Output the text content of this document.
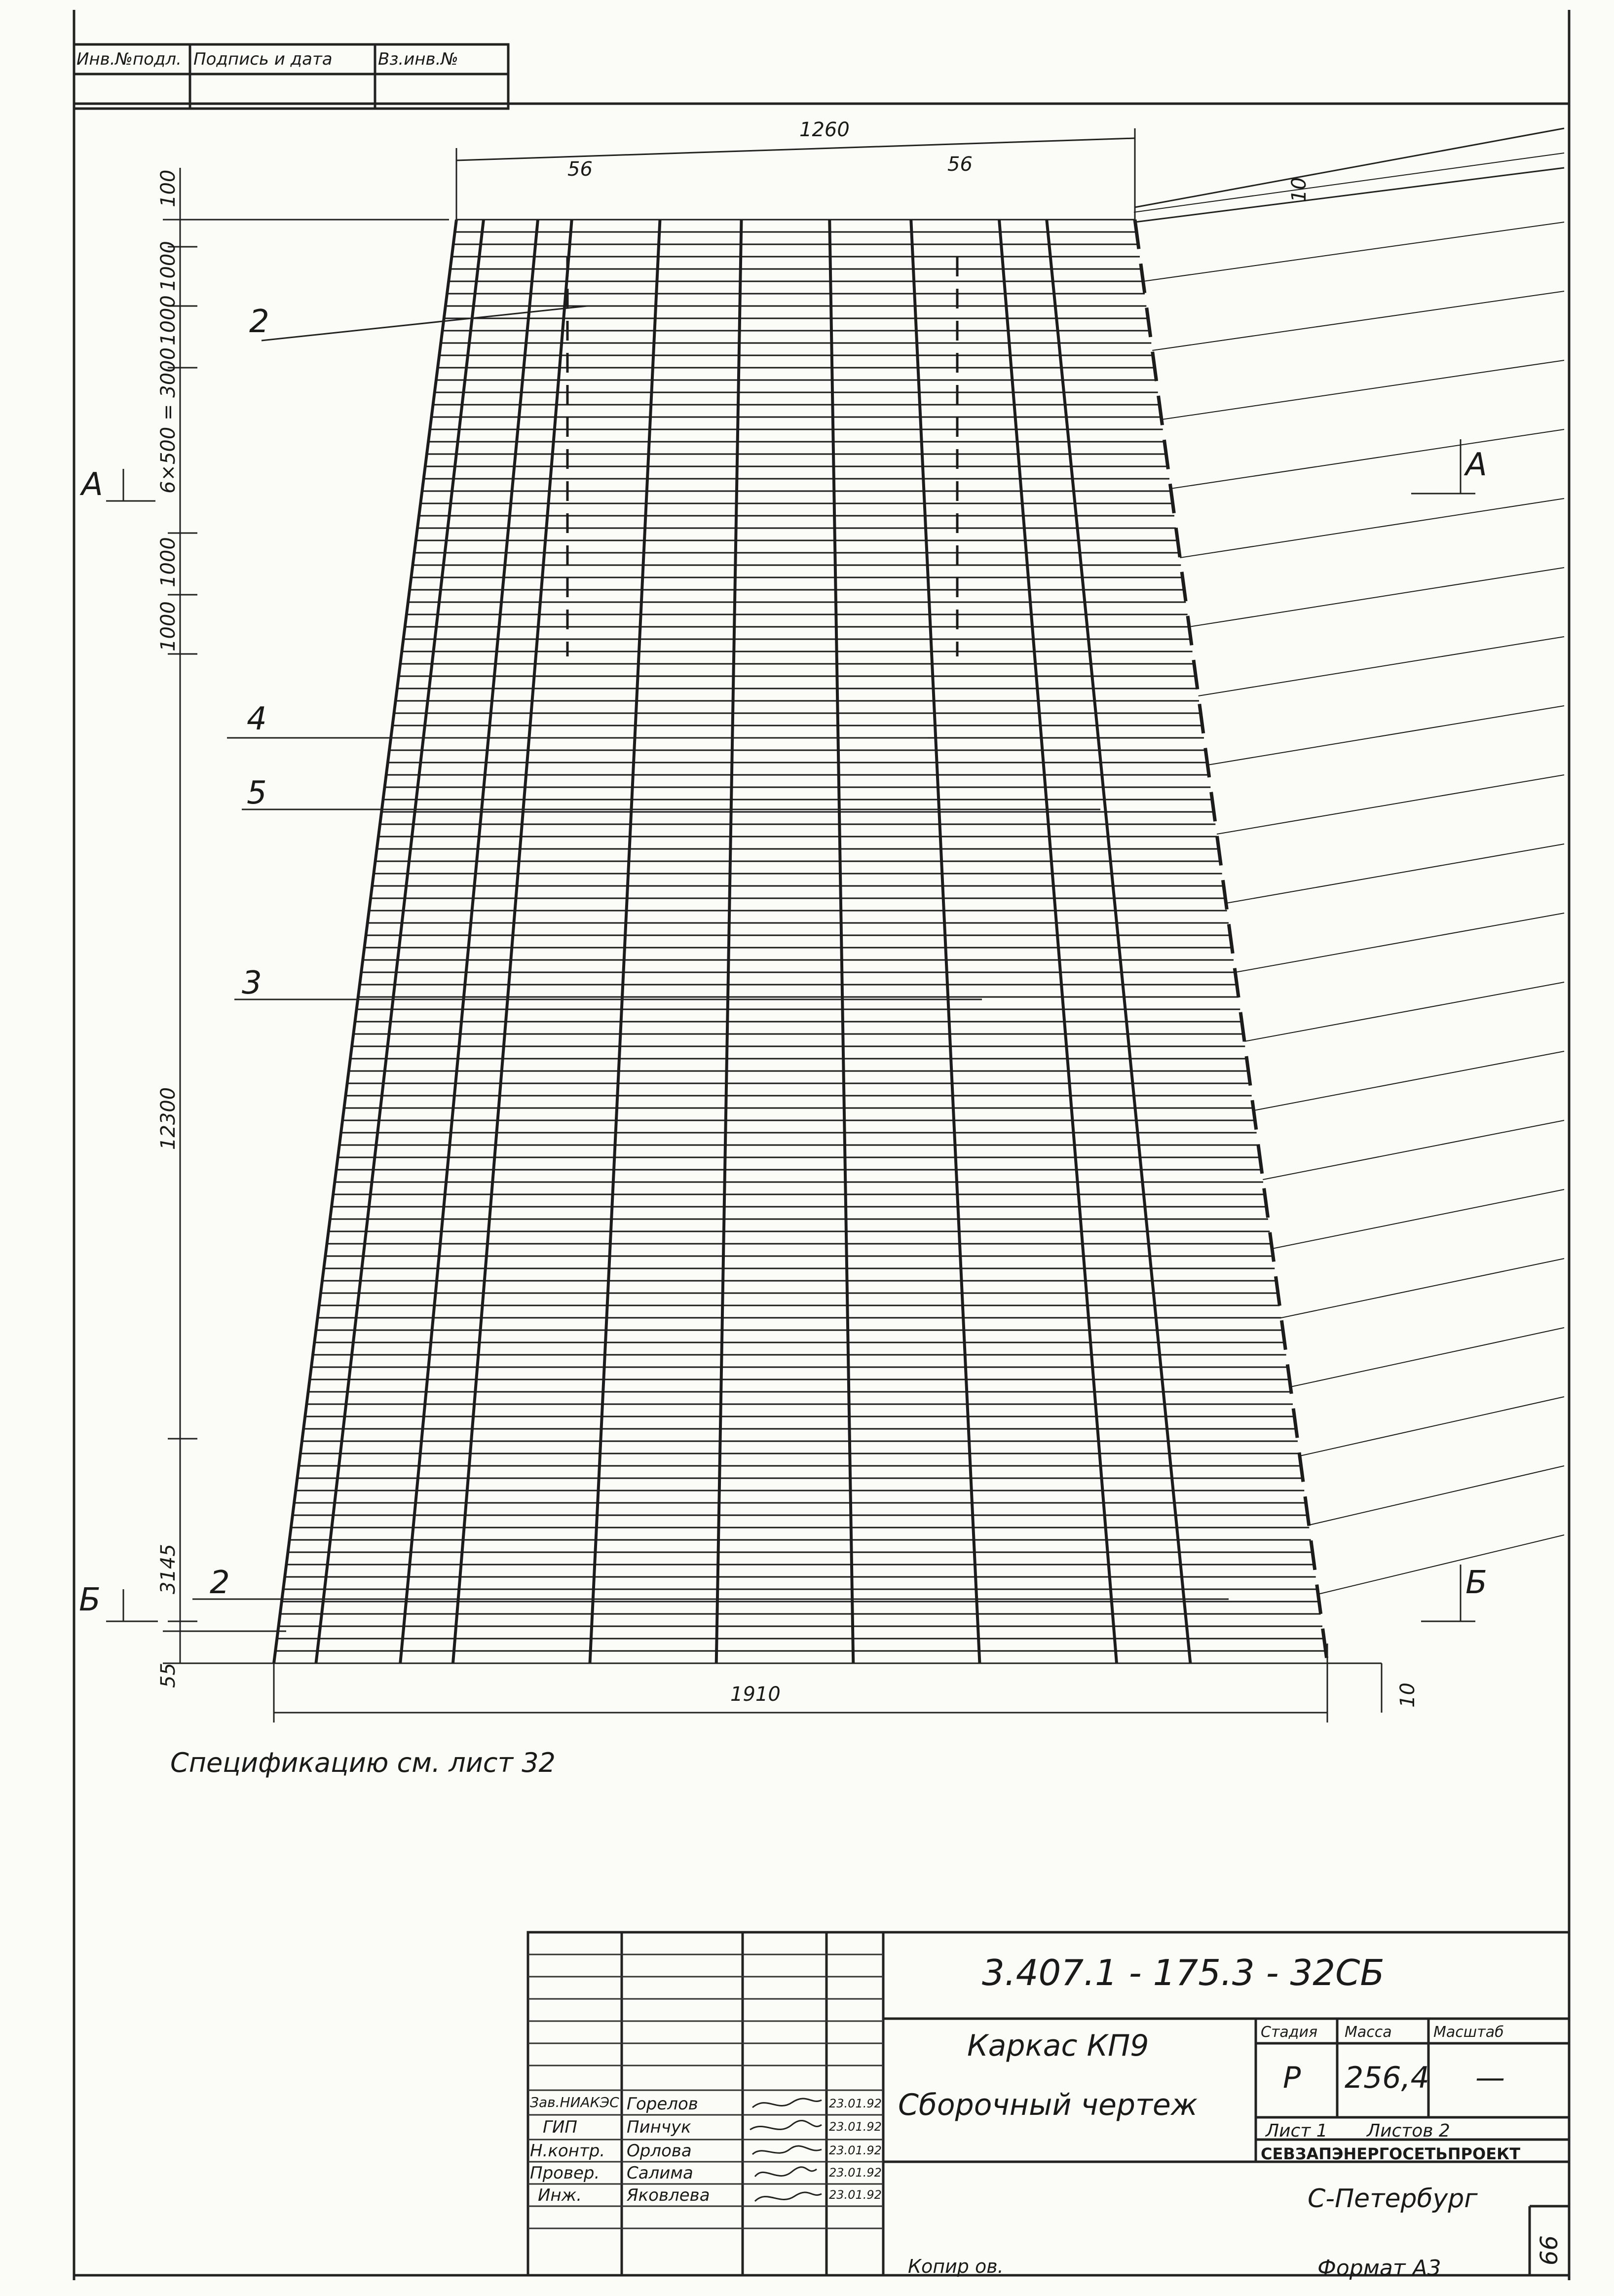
Инв.№подл. Подпись и дата	Вз.инв.№
1260
56	56
10
1910	10
100
1000
1000
6×500 = 3000
1000
1000
12300
3145
55
А
А
Б	Б
2
4
5
3
2
Спецификацию см. лист 32
3.407.1 - 175.3 - 32СБ
Каркас КП9
Сборочный чертеж
Стадия Масса	Масштаб
Р 256,4 —
Лист 1 Листов 2
СЕВЗАПЭНЕРГОСЕТЬПРОЕКТ
С-Петербург
Зав.НИАКЭС Горелов	23.01.92
ГИП	Пинчук	23.01.92
Н.контр.	Орлова	23.01.92
Провер.	Салима	23.01.92
Инж.	Яковлева	23.01.92
Копир ов.	Формат А3
66
